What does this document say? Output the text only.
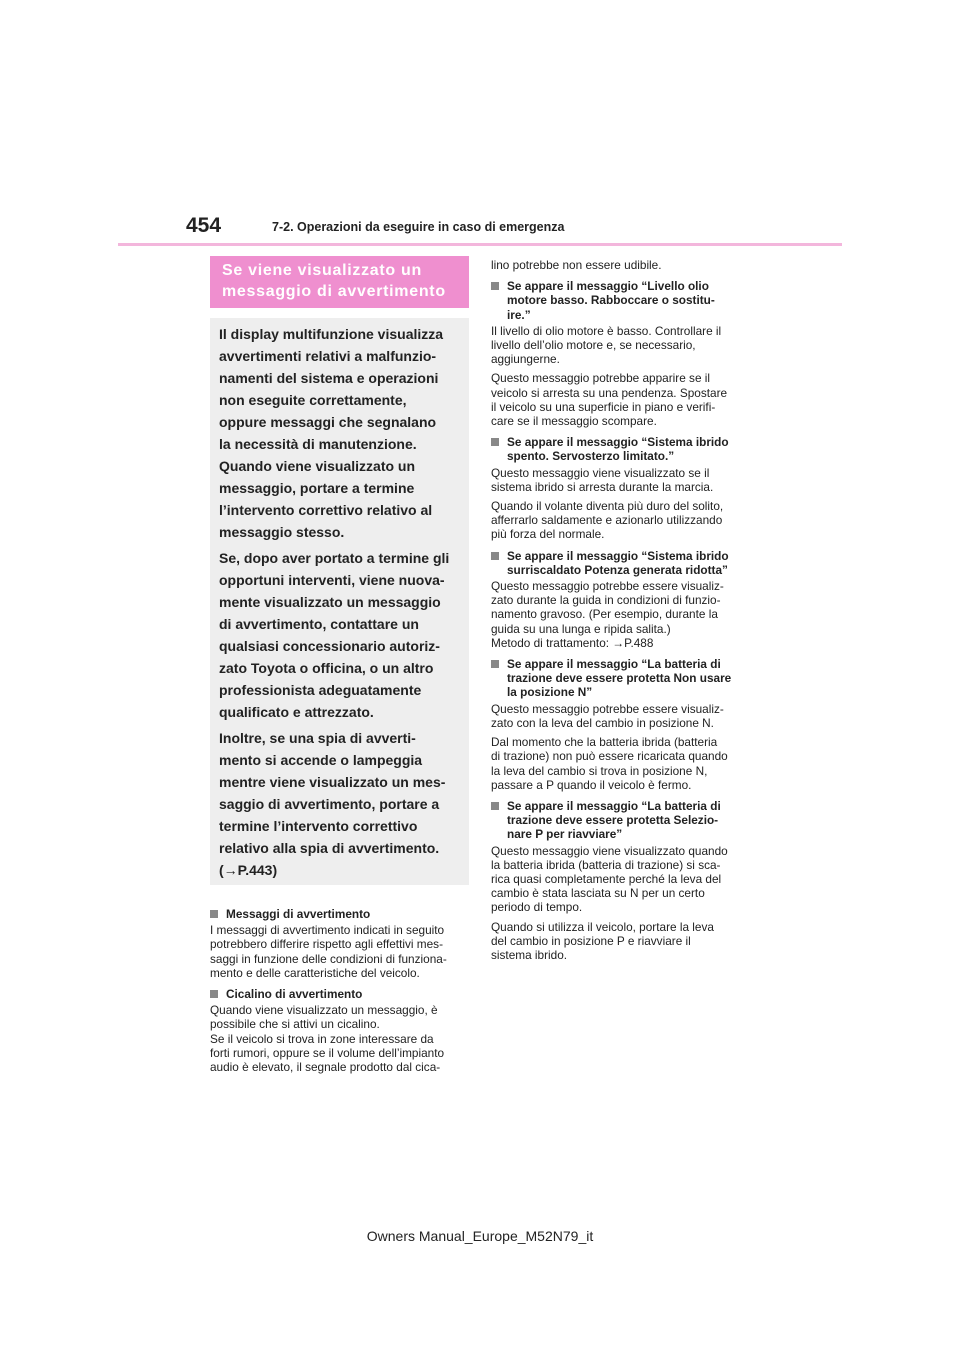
454	7-2. Operazioni da eseguire in caso di emergenza
Se viene visualizzato un
messaggio di avvertimento

Il display multifunzione visualizza
avvertimenti relativi a malfunzio-
namenti del sistema e operazioni
non eseguite correttamente,
oppure messaggi che segnalano
la necessità di manutenzione.
Quando viene visualizzato un
messaggio, portare a termine
l’intervento correttivo relativo al
messaggio stesso.

Se, dopo aver portato a termine gli
opportuni interventi, viene nuova-
mente visualizzato un messaggio
di avvertimento, contattare un
qualsiasi concessionario autoriz-
zato Toyota o officina, o un altro
professionista adeguatamente
qualificato e attrezzato.

Inoltre, se una spia di avverti-
mento si accende o lampeggia
mentre viene visualizzato un mes-
saggio di avvertimento, portare a
termine l’intervento correttivo
relativo alla spia di avvertimento.
(→P.443)

Messaggi di avvertimento
I messaggi di avvertimento indicati in seguito
potrebbero differire rispetto agli effettivi mes-
saggi in funzione delle condizioni di funziona-
mento e delle caratteristiche del veicolo.
Cicalino di avvertimento
Quando viene visualizzato un messaggio, è
possibile che si attivi un cicalino.
Se il veicolo si trova in zone interessare da
forti rumori, oppure se il volume dell’impianto
audio è elevato, il segnale prodotto dal cica-
lino potrebbe non essere udibile.
Se appare il messaggio “Livello olio
motore basso. Rabboccare o sostitu-
ire.”
Il livello di olio motore è basso. Controllare il
livello dell’olio motore e, se necessario,
aggiungerne.
Questo messaggio potrebbe apparire se il
veicolo si arresta su una pendenza. Spostare
il veicolo su una superficie in piano e verifi-
care se il messaggio scompare.
Se appare il messaggio “Sistema ibrido
spento. Servosterzo limitato.”
Questo messaggio viene visualizzato se il
sistema ibrido si arresta durante la marcia.
Quando il volante diventa più duro del solito,
afferrarlo saldamente e azionarlo utilizzando
più forza del normale.
Se appare il messaggio “Sistema ibrido
surriscaldato Potenza generata ridotta”
Questo messaggio potrebbe essere visualiz-
zato durante la guida in condizioni di funzio-
namento gravoso. (Per esempio, durante la
guida su una lunga e ripida salita.)
Metodo di trattamento: →P.488
Se appare il messaggio “La batteria di
trazione deve essere protetta Non usare
la posizione N”
Questo messaggio potrebbe essere visualiz-
zato con la leva del cambio in posizione N.
Dal momento che la batteria ibrida (batteria
di trazione) non può essere ricaricata quando
la leva del cambio si trova in posizione N,
passare a P quando il veicolo è fermo.
Se appare il messaggio “La batteria di
trazione deve essere protetta Selezio-
nare P per riavviare”
Questo messaggio viene visualizzato quando
la batteria ibrida (batteria di trazione) si sca-
rica quasi completamente perché la leva del
cambio è stata lasciata su N per un certo
periodo di tempo.
Quando si utilizza il veicolo, portare la leva
del cambio in posizione P e riavviare il
sistema ibrido.
Owners Manual_Europe_M52N79_it
